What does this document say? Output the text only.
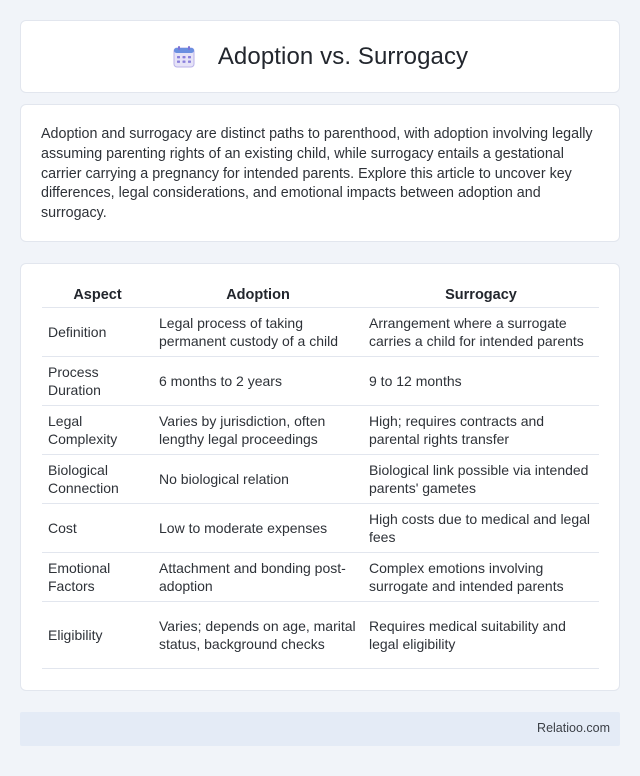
Adoption vs. Surrogacy

Adoption and surrogacy are distinct paths to parenthood, with adoption involving legally assuming parenting rights of an existing child, while surrogacy entails a gestational carrier carrying a pregnancy for intended parents. Explore this article to uncover key differences, legal considerations, and emotional impacts between adoption and surrogacy.

Aspect	Adoption	Surrogacy
Definition	Legal process of taking permanent custody of a child	Arrangement where a surrogate carries a child for intended parents
Process Duration	6 months to 2 years	9 to 12 months
Legal Complexity	Varies by jurisdiction, often lengthy legal proceedings	High; requires contracts and parental rights transfer
Biological Connection	No biological relation	Biological link possible via intended parents' gametes
Cost	Low to moderate expenses	High costs due to medical and legal fees
Emotional Factors	Attachment and bonding post-adoption	Complex emotions involving surrogate and intended parents
Eligibility	Varies; depends on age, marital status, background checks	Requires medical suitability and legal eligibility
Relatioo.com
